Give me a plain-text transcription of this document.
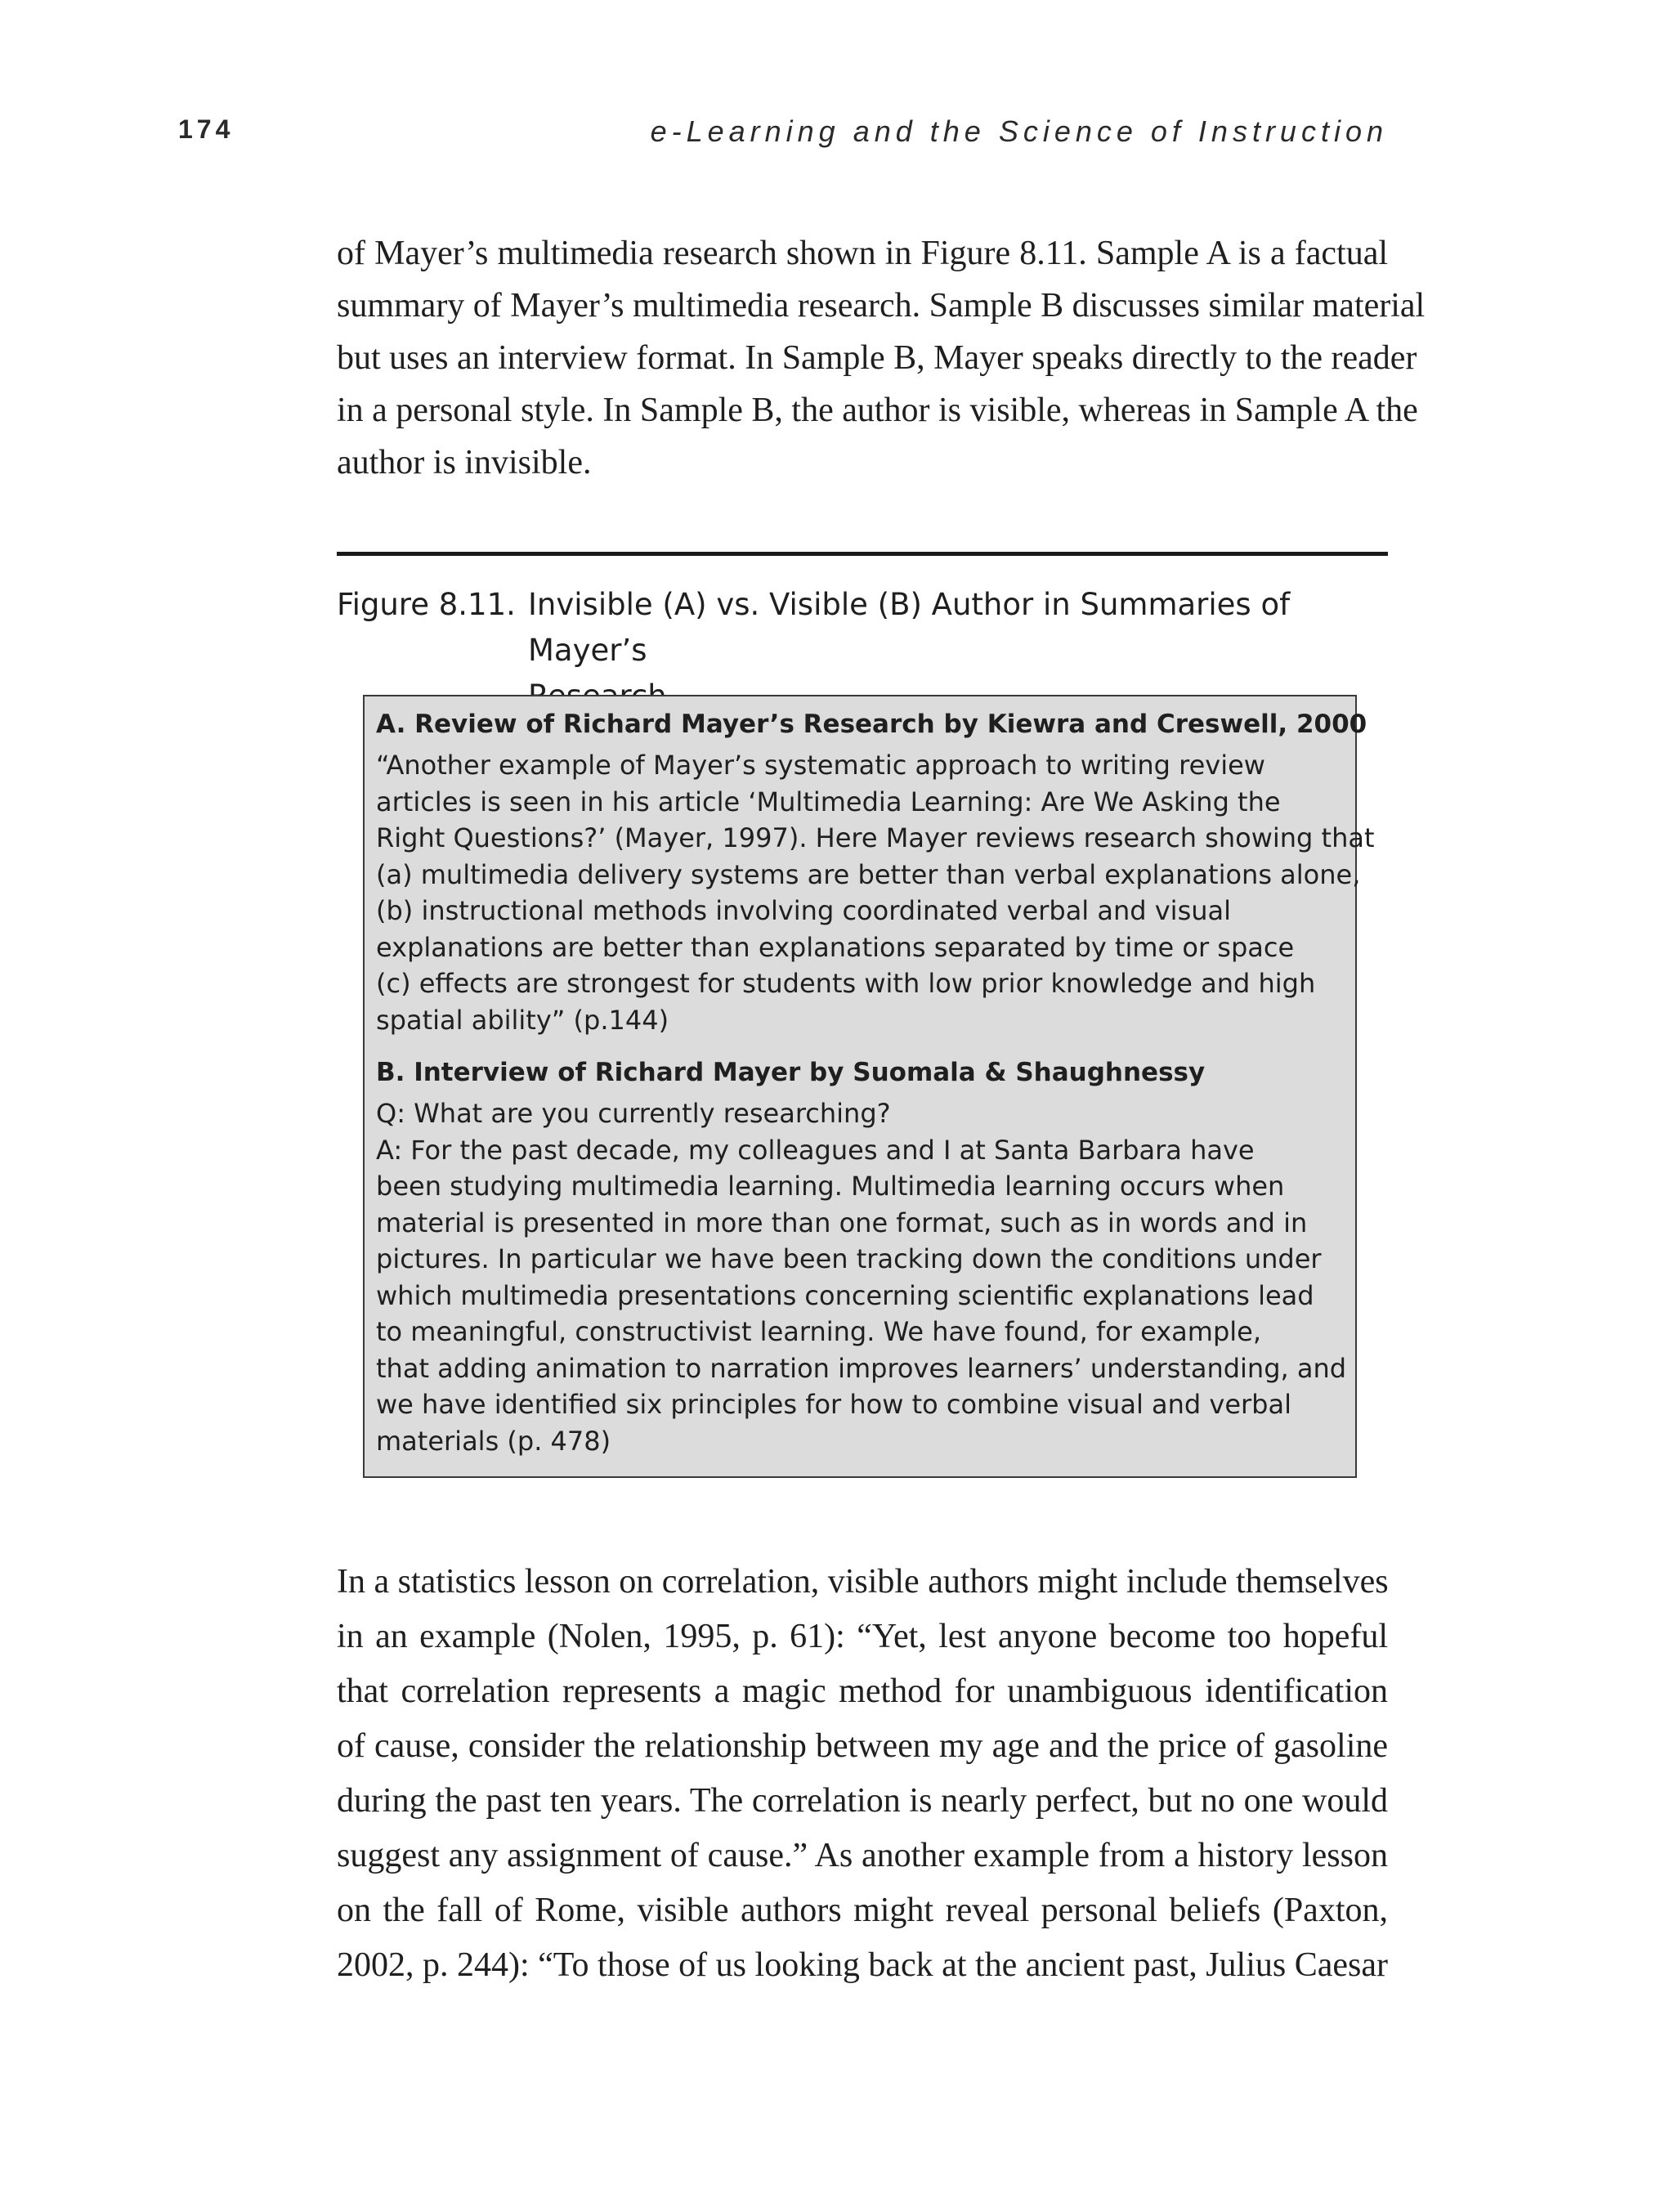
174	e-Learning and the Science of Instruction

of Mayer’s multimedia research shown in Figure 8.11. Sample A is a factual
summary of Mayer’s multimedia research. Sample B discusses similar material
but uses an interview format. In Sample B, Mayer speaks directly to the reader
in a personal style. In Sample B, the author is visible, whereas in Sample A the
author is invisible.

Figure 8.11. Invisible (A) vs. Visible (B) Author in Summaries of Mayer’s
A. Review of Richard Mayer’s Research by Kiewra and Creswell, 2000
“Another example of Mayer’s systematic approach to writing review
articles is seen in his article ‘Multimedia Learning: Are We Asking the
Right Questions?’ (Mayer, 1997). Here Mayer reviews research showing that
(a) multimedia delivery systems are better than verbal explanations alone,
(b) instructional methods involving coordinated verbal and visual
explanations are better than explanations separated by time or space
(c) effects are strongest for students with low prior knowledge and high
spatial ability” (p.144)
B. Interview of Richard Mayer by Suomala & Shaughnessy
Q: What are you currently researching?
A: For the past decade, my colleagues and I at Santa Barbara have
been studying multimedia learning. Multimedia learning occurs when
material is presented in more than one format, such as in words and in
pictures. In particular we have been tracking down the conditions under
which multimedia presentations concerning scientific explanations lead
to meaningful, constructivist learning. We have found, for example,
that adding animation to narration improves learners’ understanding, and
we have identified six principles for how to combine visual and verbal
materials (p. 478)

In a statistics lesson on correlation, visible authors might include themselves
in an example (Nolen, 1995, p. 61): “Yet, lest anyone become too hopeful
that correlation represents a magic method for unambiguous identification
of cause, consider the relationship between my age and the price of gasoline
during the past ten years. The correlation is nearly perfect, but no one would
suggest any assignment of cause.” As another example from a history lesson
on the fall of Rome, visible authors might reveal personal beliefs (Paxton,
2002, p. 244): “To those of us looking back at the ancient past, Julius Caesar
